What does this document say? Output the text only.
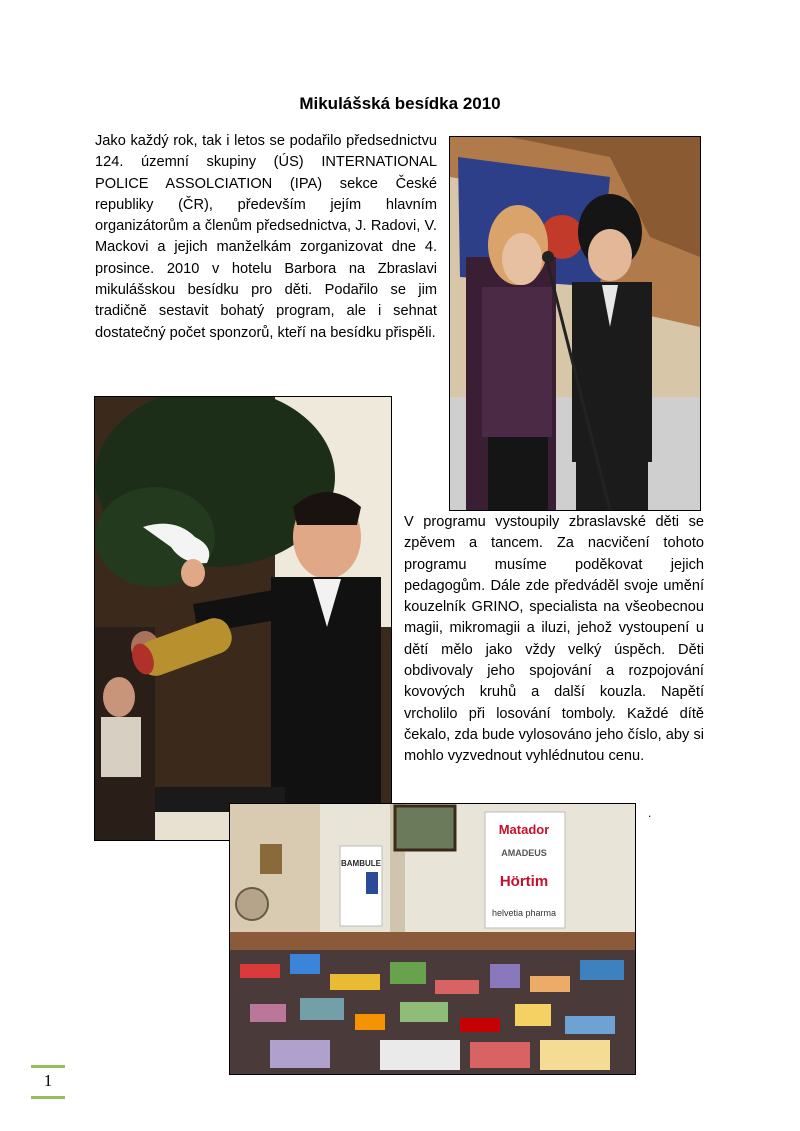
Mikulášská besídka 2010

Jako každý rok, tak i letos se podařilo předsednictvu 124. územní skupiny (ÚS) INTERNATIONAL POLICE ASSOLCIATION (IPA) sekce České republiky (ČR), především jejím hlavním organizátorům a členům předsednictva, J. Radovi, V. Mackovi a jejich manželkám zorganizovat dne 4. prosince. 2010 v hotelu Barbora na Zbraslavi mikulášskou besídku pro děti. Podařilo se jim tradičně sestavit bohatý program, ale i sehnat dostatečný počet sponzorů, kteří na besídku přispěli.

V programu vystoupily zbraslavské děti se zpěvem a tancem. Za nacvičení tohoto programu musíme poděkovat jejich pedagogům. Dále zde předváděl svoje umění kouzelník GRINO, specialista na všeobecnou magii, mikromagii a iluzi, jehož vystoupení u dětí mělo jako vždy velký úspěch. Děti obdivovaly jeho spojování a rozpojování kovových kruhů a další kouzla. Napětí vrcholilo při losování tomboly. Každé dítě čekalo, zda bude vylosováno jeho číslo, aby si mohlo vyzvednout vyhlédnutou cenu.

.
BAMBULE
Matador
AMADEUS
Hörtim
helvetia pharma
1
